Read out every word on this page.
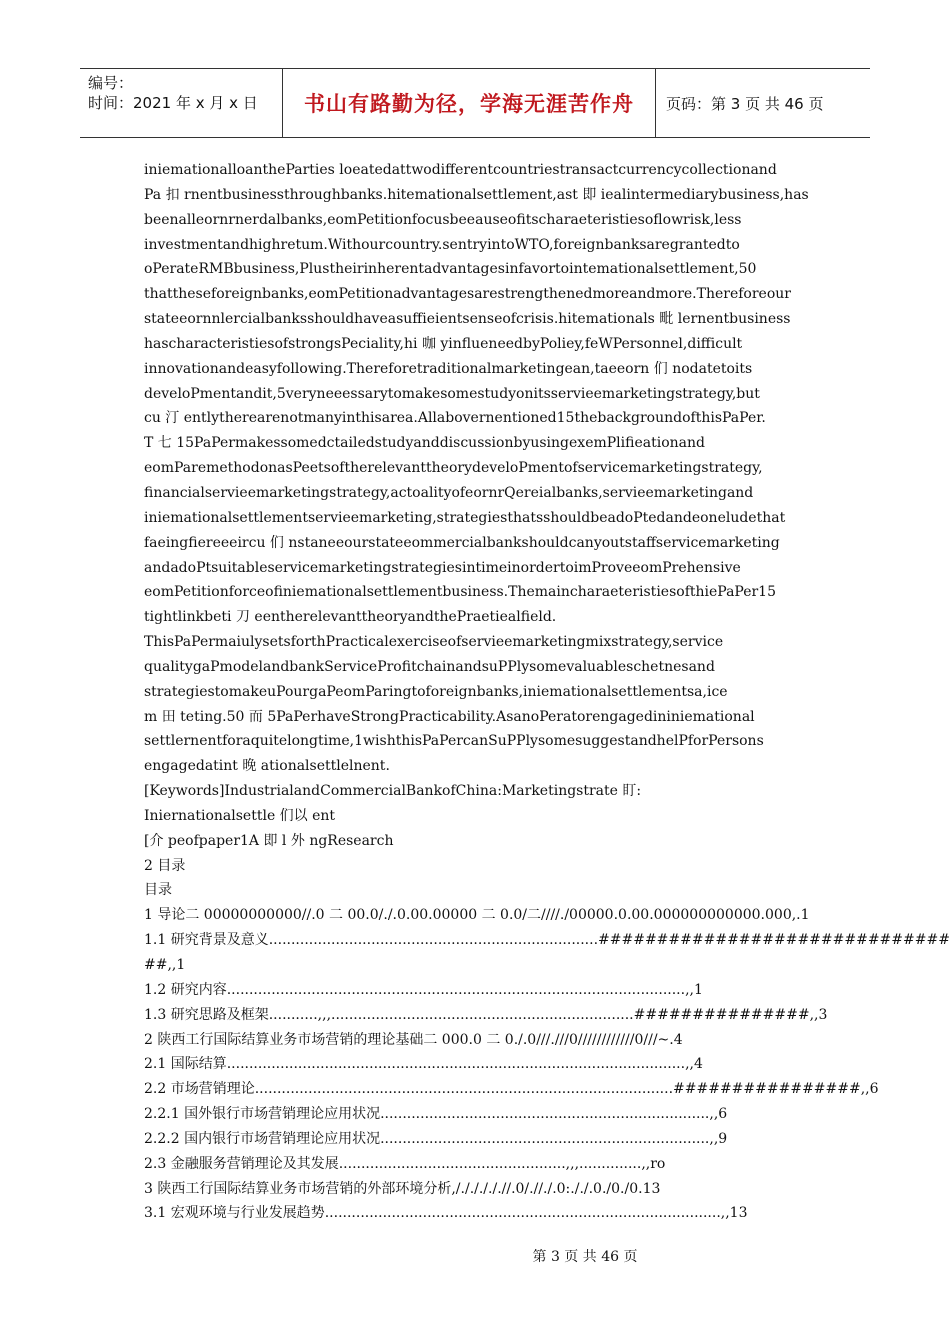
编号：
时间：2021 年 x 月 x 日	书山有路勤为径，学海无涯苦作舟	页码：第 3 页 共 46 页
iniemationalloantheParties loeatedattwodifferentcountriestransactcurrencycollectionand
Pa 扣 rnentbusinessthroughbanks.hitemationalsettlement,ast 即 iealintermediarybusiness,has
beenalleornrnerdalbanks,eomPetitionfocusbeeauseofitscharaeteristiesoflowrisk,less
investmentandhighretum.Withourcountry.sentryintoWTO,foreignbanksaregrantedto
oPerateRMBbusiness,Plustheirinherentadvantagesinfavortointemationalsettlement,50
thattheseforeignbanks,eomPetitionadvantagesarestrengthenedmoreandmore.Thereforeour
stateeornnlercialbanksshouldhaveasuffieientsenseofcrisis.hitemationals 毗 lernentbusiness
hascharacteristiesofstrongsPeciality,hi 咖 yinflueneedbyPoliey,feWPersonnel,difficult
innovationandeasyfollowing.Thereforetraditionalmarketingean,taeeorn 们 nodatetoits
develoPmentandit,5veryneeessarytomakesomestudyonitsservieemarketingstrategy,but
cu 汀 entlytherearenotmanyinthisarea.Allabovernentioned15thebackgroundofthisPaPer.
T 七 15PaPermakessomedctailedstudyanddiscussionbyusingexemPlifieationand
eomParemethodonasPeetsoftherelevanttheorydeveloPmentofservicemarketingstrategy,
financialservieemarketingstrategy,actoalityofeornrQereialbanks,servieemarketingand
iniemationalsettlementservieemarketing,strategiesthatsshouldbeadoPtedandeoneludethat
faeingfiereeeircu 们 nstaneeourstateeommercialbankshouldcanyoutstaffservicemarketing
andadoPtsuitableservicemarketingstrategiesintimeinordertoimProveeomPrehensive
eomPetitionforceofiniemationalsettlementbusiness.ThemaincharaeteristiesofthiePaPer15
tightlinkbeti 刀 eentherelevanttheoryandthePraetiealfield.
ThisPaPermaiulysetsforthPracticalexerciseofservieemarketingmixstrategy,service
qualitygaPmodelandbankServiceProfitchainandsuPPlysomevaluableschetnesand
strategiestomakeuPourgaPeomParingtoforeignbanks,iniemationalsettlementsa,ice
m 田 teting.50 而 5PaPerhaveStrongPracticability.AsanoPeratorengagedininiemational
settlernentforaquitelongtime,1wishthisPaPercanSuPPlysomesuggestandhelPforPersons
engagedatint 晚 ationalsettlelnent.
[Keywords]IndustrialandCommercialBankofChina:Marketingstrate 盯:
Iniernationalsettle 们以 ent
[介 peofpaper1A 即 l 外 ngResearch
2 目录
目录
1 导论二 00000000000//.0 二 00.0/./.0.00.00000 二 0.0/二////./00000.0.00.000000000000.000,.1
1.1 研究背景及意义..........................................................................##############################
##,,1
1.2 研究内容.......................................................................................................,,1
1.3 研究思路及框架...........,,,....................................................................###############,,3
2 陕西工行国际结算业务市场营销的理论基础二 000.0 二 0./.0///.///0////////////0///~.4
2.1 国际结算.......................................................................................................,,4
2.2 市场营销理论..............................................................................................################,,6
2.2.1 国外银行市场营销理论应用状况..........................................................................,,6
2.2.2 国内银行市场营销理论应用状况..........................................................................,,9
2.3 金融服务营销理论及其发展...................................................,,,..............,,ro
3 陕西工行国际结算业务市场营销的外部环境分析,/./././././/.0/.//./.0:././.0./0./0.13
3.1 宏观环境与行业发展趋势.........................................................................................,,13
第 3 页 共 46 页
